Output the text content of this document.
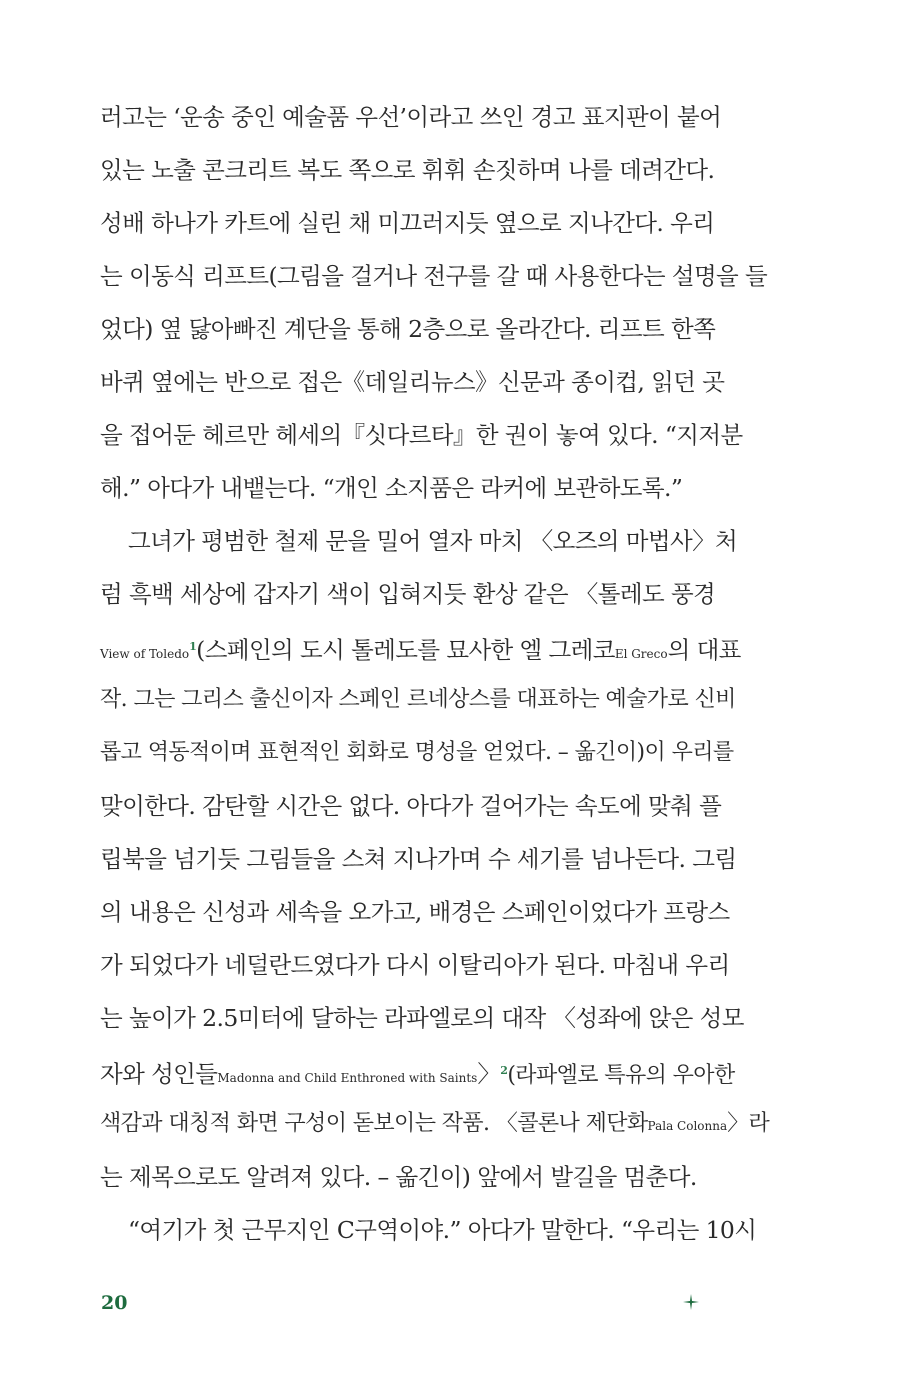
러고는 ‘운송 중인 예술품 우선’이라고 쓰인 경고 표지판이 붙어
있는 노출 콘크리트 복도 쪽으로 휘휘 손짓하며 나를 데려간다.
성배 하나가 카트에 실린 채 미끄러지듯 옆으로 지나간다. 우리
는 이동식 리프트(그림을 걸거나 전구를 갈 때 사용한다는 설명을 들
었다) 옆 닳아빠진 계단을 통해 2층으로 올라간다. 리프트 한쪽
바퀴 옆에는 반으로 접은《데일리뉴스》신문과 종이컵, 읽던 곳
을 접어둔 헤르만 헤세의『싯다르타』한 권이 놓여 있다. “지저분
해.” 아다가 내뱉는다. “개인 소지품은 라커에 보관하도록.”
그녀가 평범한 철제 문을 밀어 열자 마치 〈오즈의 마법사〉처
럼 흑백 세상에 갑자기 색이 입혀지듯 환상 같은 〈톨레도 풍경
View of Toledo$^1$(스페인의 도시 톨레도를 묘사한 엘 그레코El Greco의 대표
작. 그는 그리스 출신이자 스페인 르네상스를 대표하는 예술가로 신비
롭고 역동적이며 표현적인 회화로 명성을 얻었다. – 옮긴이)이 우리를
맞이한다. 감탄할 시간은 없다. 아다가 걸어가는 속도에 맞춰 플
립북을 넘기듯 그림들을 스쳐 지나가며 수 세기를 넘나든다. 그림
의 내용은 신성과 세속을 오가고, 배경은 스페인이었다가 프랑스
가 되었다가 네덜란드였다가 다시 이탈리아가 된다. 마침내 우리
는 높이가 2.5미터에 달하는 라파엘로의 대작 〈성좌에 앉은 성모
자와 성인들Madonna and Child Enthroned with Saints〉$^2$(라파엘로 특유의 우아한
색감과 대칭적 화면 구성이 돋보이는 작품. 〈콜론나 제단화Pala Colonna〉라
는 제목으로도 알려져 있다. – 옮긴이) 앞에서 발길을 멈춘다.
“여기가 첫 근무지인 C구역이야.” 아다가 말한다. “우리는 10시
20
